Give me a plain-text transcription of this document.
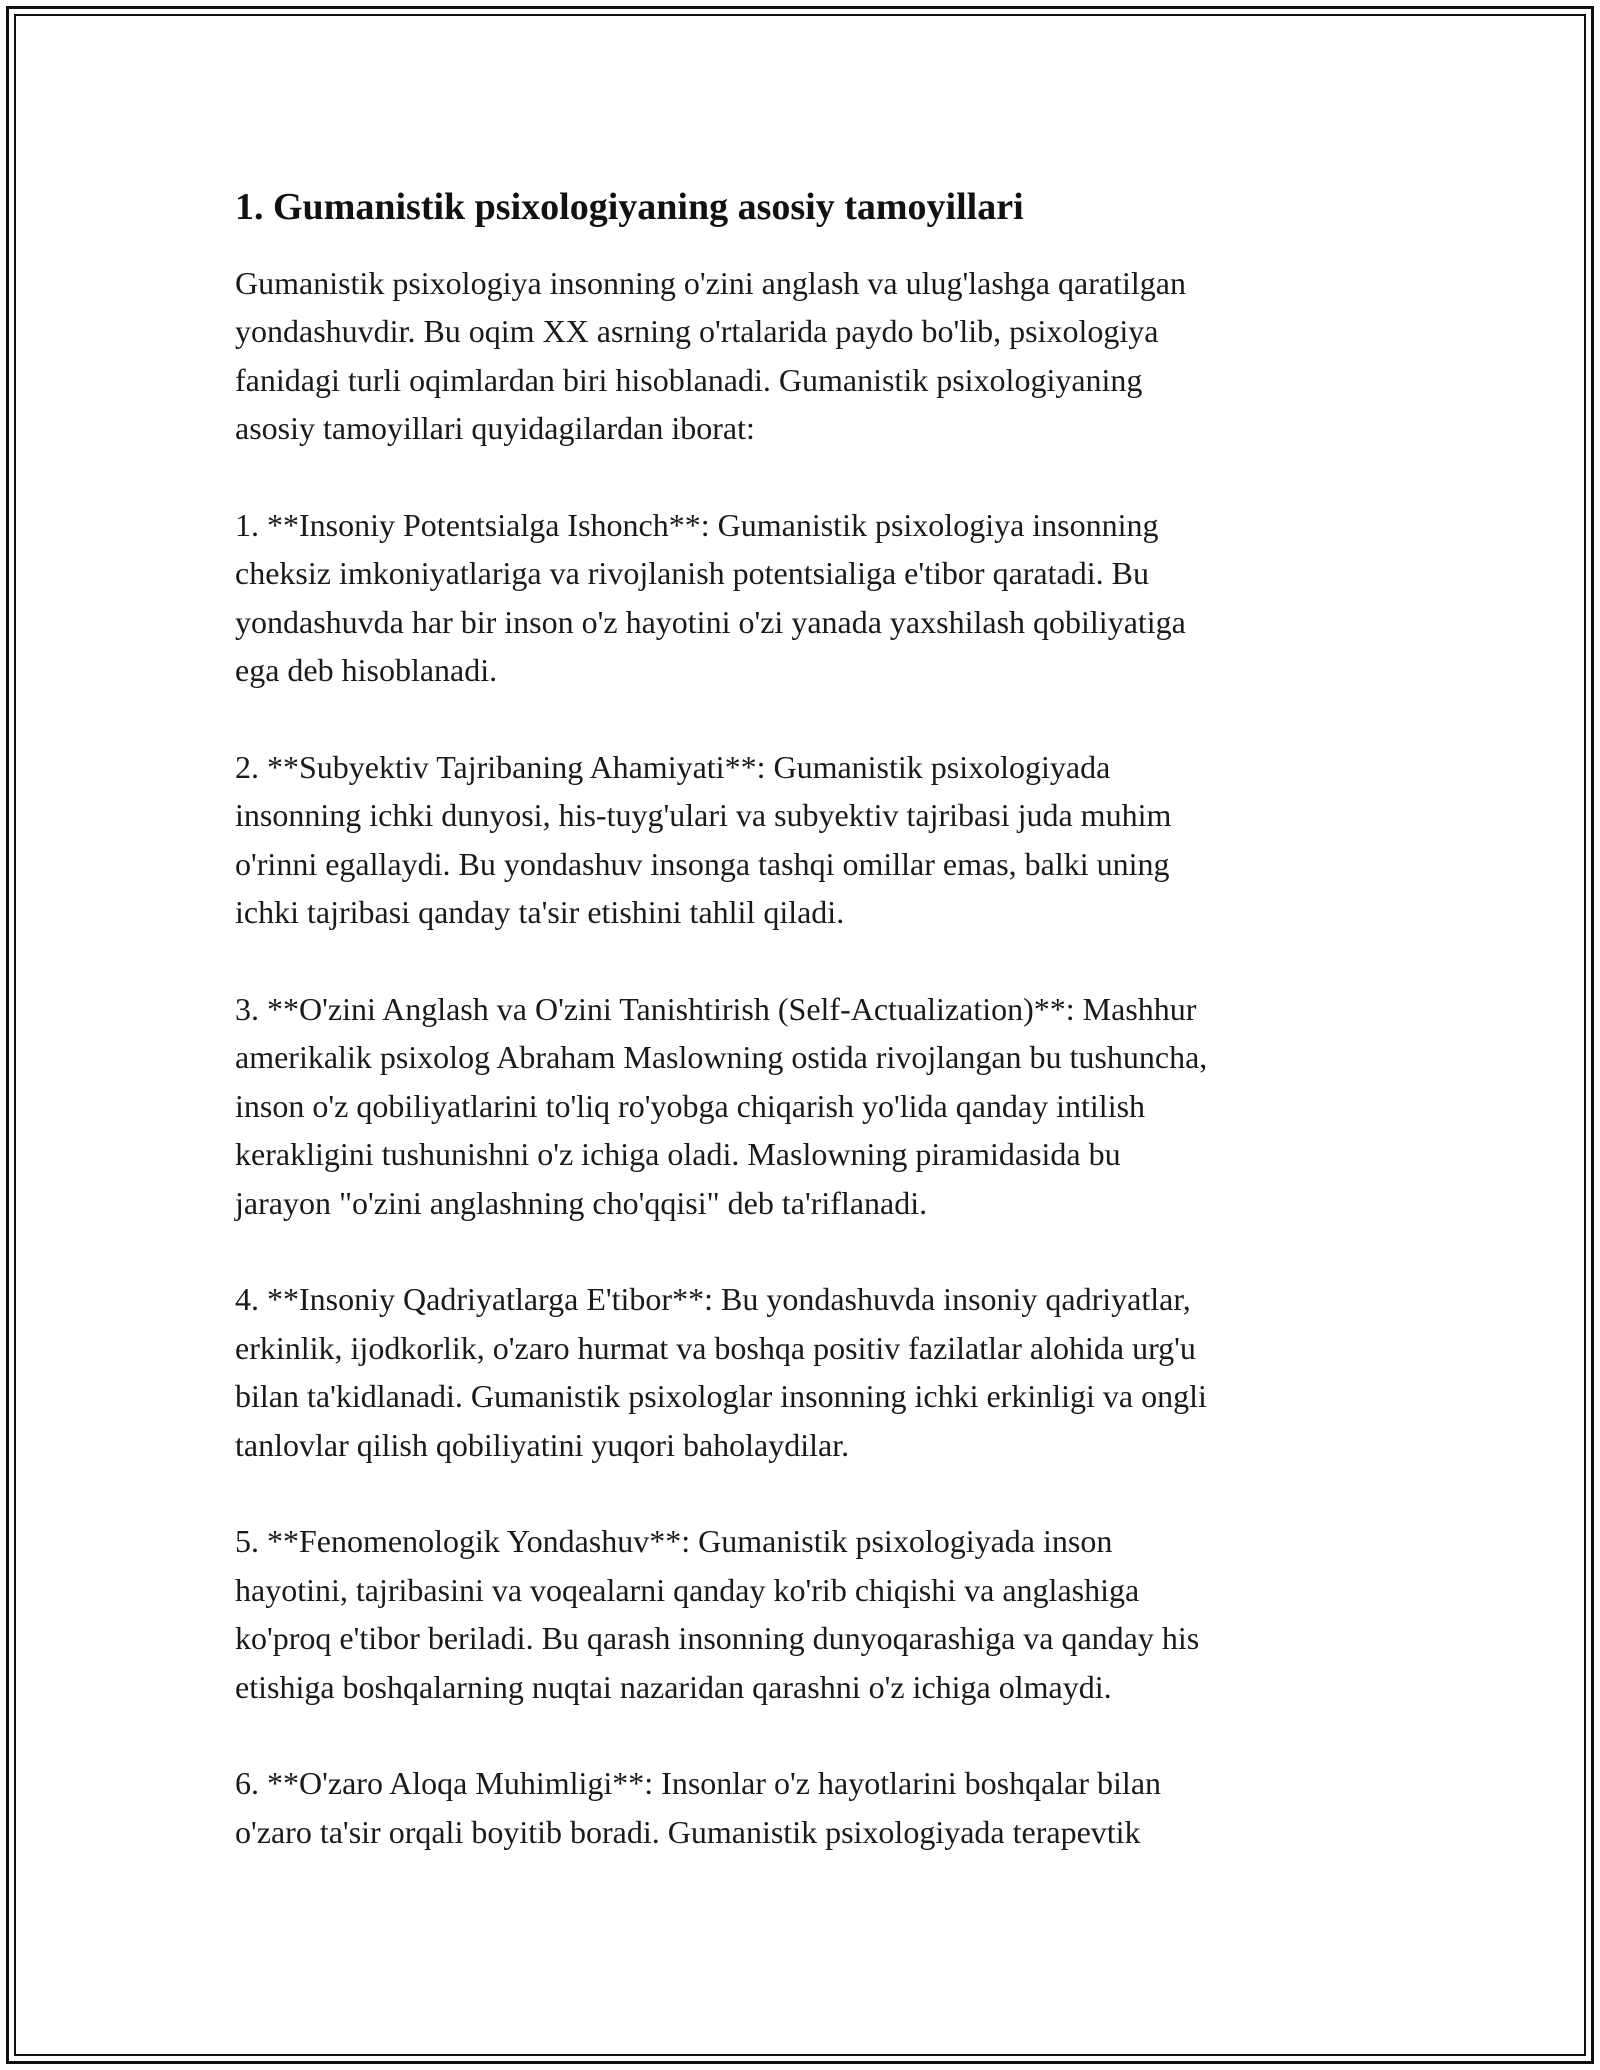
1. Gumanistik psixologiyaning asosiy tamoyillari

Gumanistik psixologiya insonning o'zini anglash va ulug'lashga qaratilgan
yondashuvdir. Bu oqim XX asrning o'rtalarida paydo bo'lib, psixologiya
fanidagi turli oqimlardan biri hisoblanadi. Gumanistik psixologiyaning
asosiy tamoyillari quyidagilardan iborat:

1. **Insoniy Potentsialga Ishonch**: Gumanistik psixologiya insonning
cheksiz imkoniyatlariga va rivojlanish potentsialiga e'tibor qaratadi. Bu
yondashuvda har bir inson o'z hayotini o'zi yanada yaxshilash qobiliyatiga
ega deb hisoblanadi.

2. **Subyektiv Tajribaning Ahamiyati**: Gumanistik psixologiyada
insonning ichki dunyosi, his-tuyg'ulari va subyektiv tajribasi juda muhim
o'rinni egallaydi. Bu yondashuv insonga tashqi omillar emas, balki uning
ichki tajribasi qanday ta'sir etishini tahlil qiladi.

3. **O'zini Anglash va O'zini Tanishtirish (Self-Actualization)**: Mashhur
amerikalik psixolog Abraham Maslowning ostida rivojlangan bu tushuncha,
inson o'z qobiliyatlarini to'liq ro'yobga chiqarish yo'lida qanday intilish
kerakligini tushunishni o'z ichiga oladi. Maslowning piramidasida bu
jarayon "o'zini anglashning cho'qqisi" deb ta'riflanadi.

4. **Insoniy Qadriyatlarga E'tibor**: Bu yondashuvda insoniy qadriyatlar,
erkinlik, ijodkorlik, o'zaro hurmat va boshqa positiv fazilatlar alohida urg'u
bilan ta'kidlanadi. Gumanistik psixologlar insonning ichki erkinligi va ongli
tanlovlar qilish qobiliyatini yuqori baholaydilar.

5. **Fenomenologik Yondashuv**: Gumanistik psixologiyada inson
hayotini, tajribasini va voqealarni qanday ko'rib chiqishi va anglashiga
ko'proq e'tibor beriladi. Bu qarash insonning dunyoqarashiga va qanday his
etishiga boshqalarning nuqtai nazaridan qarashni o'z ichiga olmaydi.

6. **O'zaro Aloqa Muhimligi**: Insonlar o'z hayotlarini boshqalar bilan
o'zaro ta'sir orqali boyitib boradi. Gumanistik psixologiyada terapevtik
